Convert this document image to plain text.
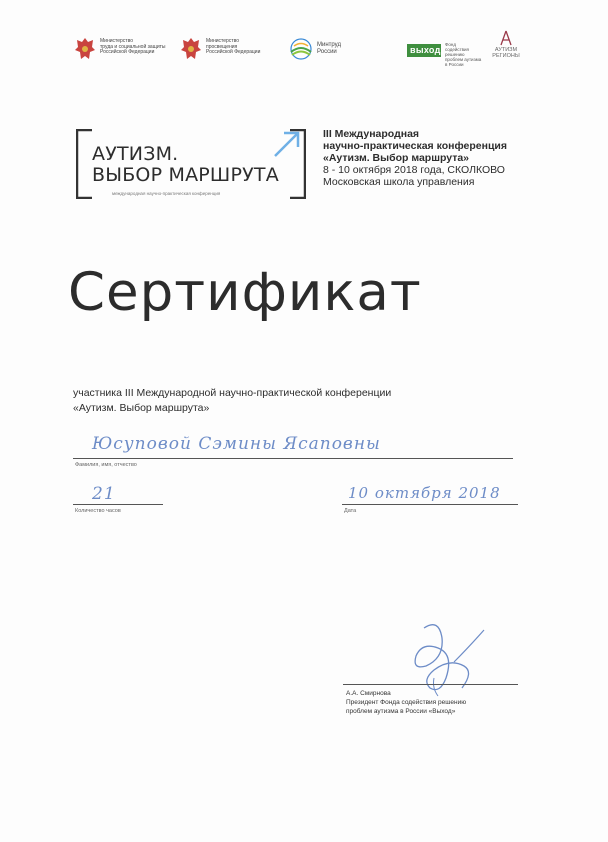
Министерство
труда и социальной защиты
Российской Федерации
Министерство
просвещения
Российской Федерации
Минтруд
России	выход
Фонд
содействия решению
проблем аутизма
в России
АУТИЗМ
РЕГИОНЫ
АУТИЗМ.
ВЫБОР МАРШРУТА
международная научно-практическая конференция
III Международная
научно-практическая конференция
«Аутизм. Выбор маршрута»
8 - 10 октября 2018 года, СКОЛКОВО
Московская школа управления
Сертификат
участника III Международной научно-практической конференции
«Аутизм. Выбор маршрута»
Юсуповой Сэмины Ясаповны
Фамилия, имя, отчество
21
Количество часов
10 октября 2018
Дата
А.А. Смирнова
Президент Фонда содействия решению
проблем аутизма в России «Выход»
